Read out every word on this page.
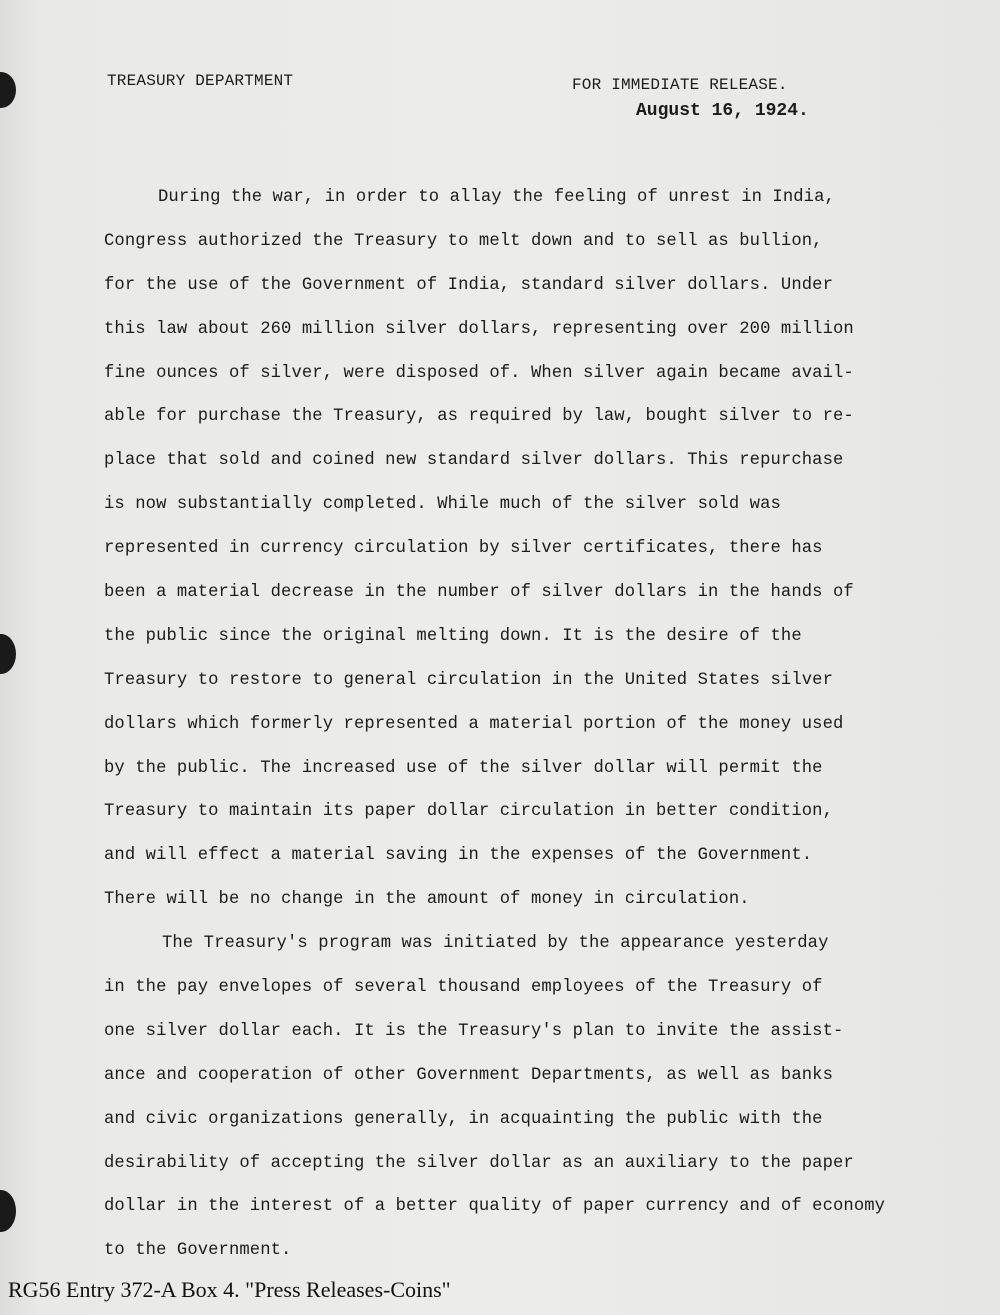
TREASURY DEPARTMENT	FOR IMMEDIATE RELEASE.
August 16, 1924.
During the war, in order to allay the feeling of unrest in India,
Congress authorized the Treasury to melt down and to sell as bullion,
for the use of the Government of India, standard silver dollars. Under
this law about 260 million silver dollars, representing over 200 million
fine ounces of silver, were disposed of. When silver again became avail-
able for purchase the Treasury, as required by law, bought silver to re-
place that sold and coined new standard silver dollars. This repurchase
is now substantially completed. While much of the silver sold was
represented in currency circulation by silver certificates, there has
been a material decrease in the number of silver dollars in the hands of
the public since the original melting down. It is the desire of the
Treasury to restore to general circulation in the United States silver
dollars which formerly represented a material portion of the money used
by the public. The increased use of the silver dollar will permit the
Treasury to maintain its paper dollar circulation in better condition,
and will effect a material saving in the expenses of the Government.
There will be no change in the amount of money in circulation.
The Treasury's program was initiated by the appearance yesterday
in the pay envelopes of several thousand employees of the Treasury of
one silver dollar each. It is the Treasury's plan to invite the assist-
ance and cooperation of other Government Departments, as well as banks
and civic organizations generally, in acquainting the public with the
desirability of accepting the silver dollar as an auxiliary to the paper
dollar in the interest of a better quality of paper currency and of economy
to the Government.
RG56 Entry 372-A Box 4. "Press Releases-Coins"
